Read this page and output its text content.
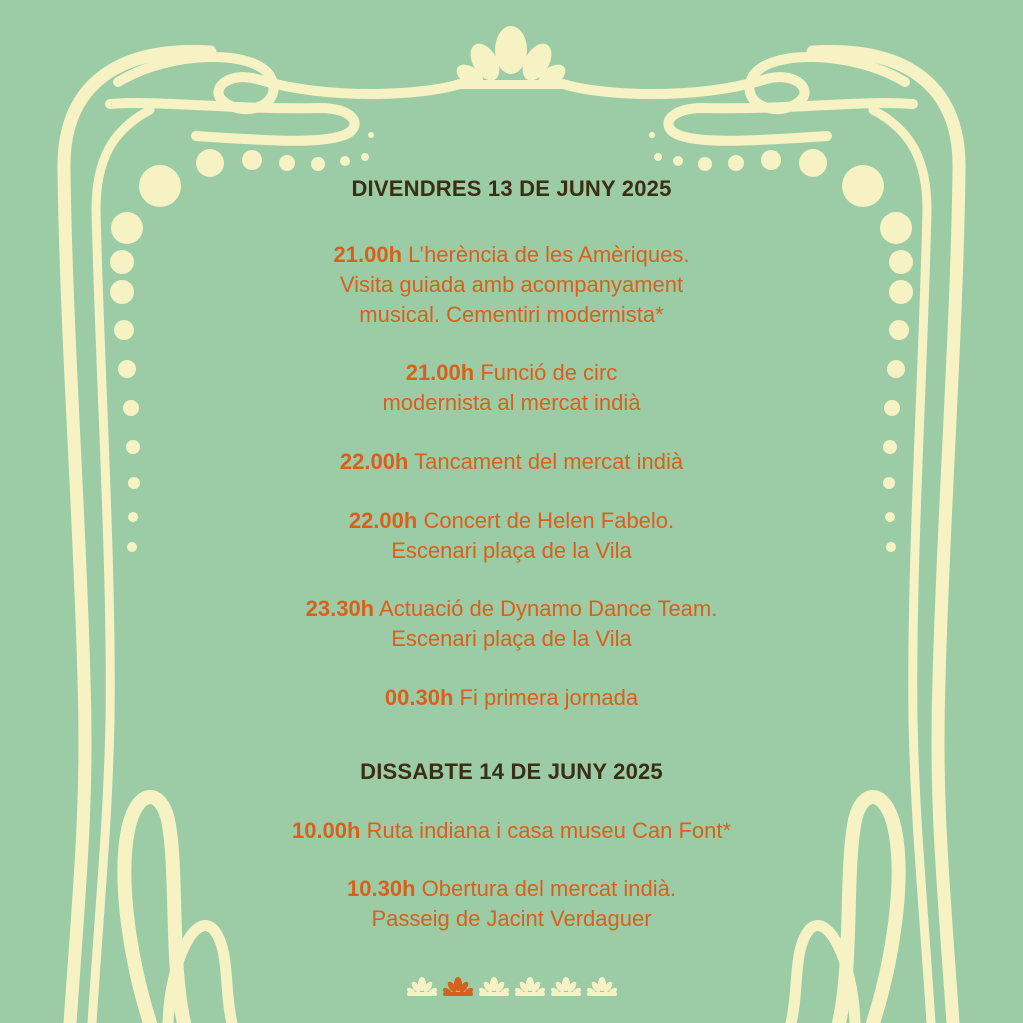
DIVENDRES 13 DE JUNY 2025
21.00h L’herència de les Amèriques.
Visita guiada amb acompanyament
musical. Cementiri modernista*
21.00h Funció de circ
modernista al mercat indià
22.00h Tancament del mercat indià
22.00h Concert de Helen Fabelo.
Escenari plaça de la Vila
23.30h Actuació de Dynamo Dance Team.
Escenari plaça de la Vila
00.30h Fi primera jornada
DISSABTE 14 DE JUNY 2025
10.00h Ruta indiana i casa museu Can Font*
10.30h Obertura del mercat indià.
Passeig de Jacint Verdaguer
